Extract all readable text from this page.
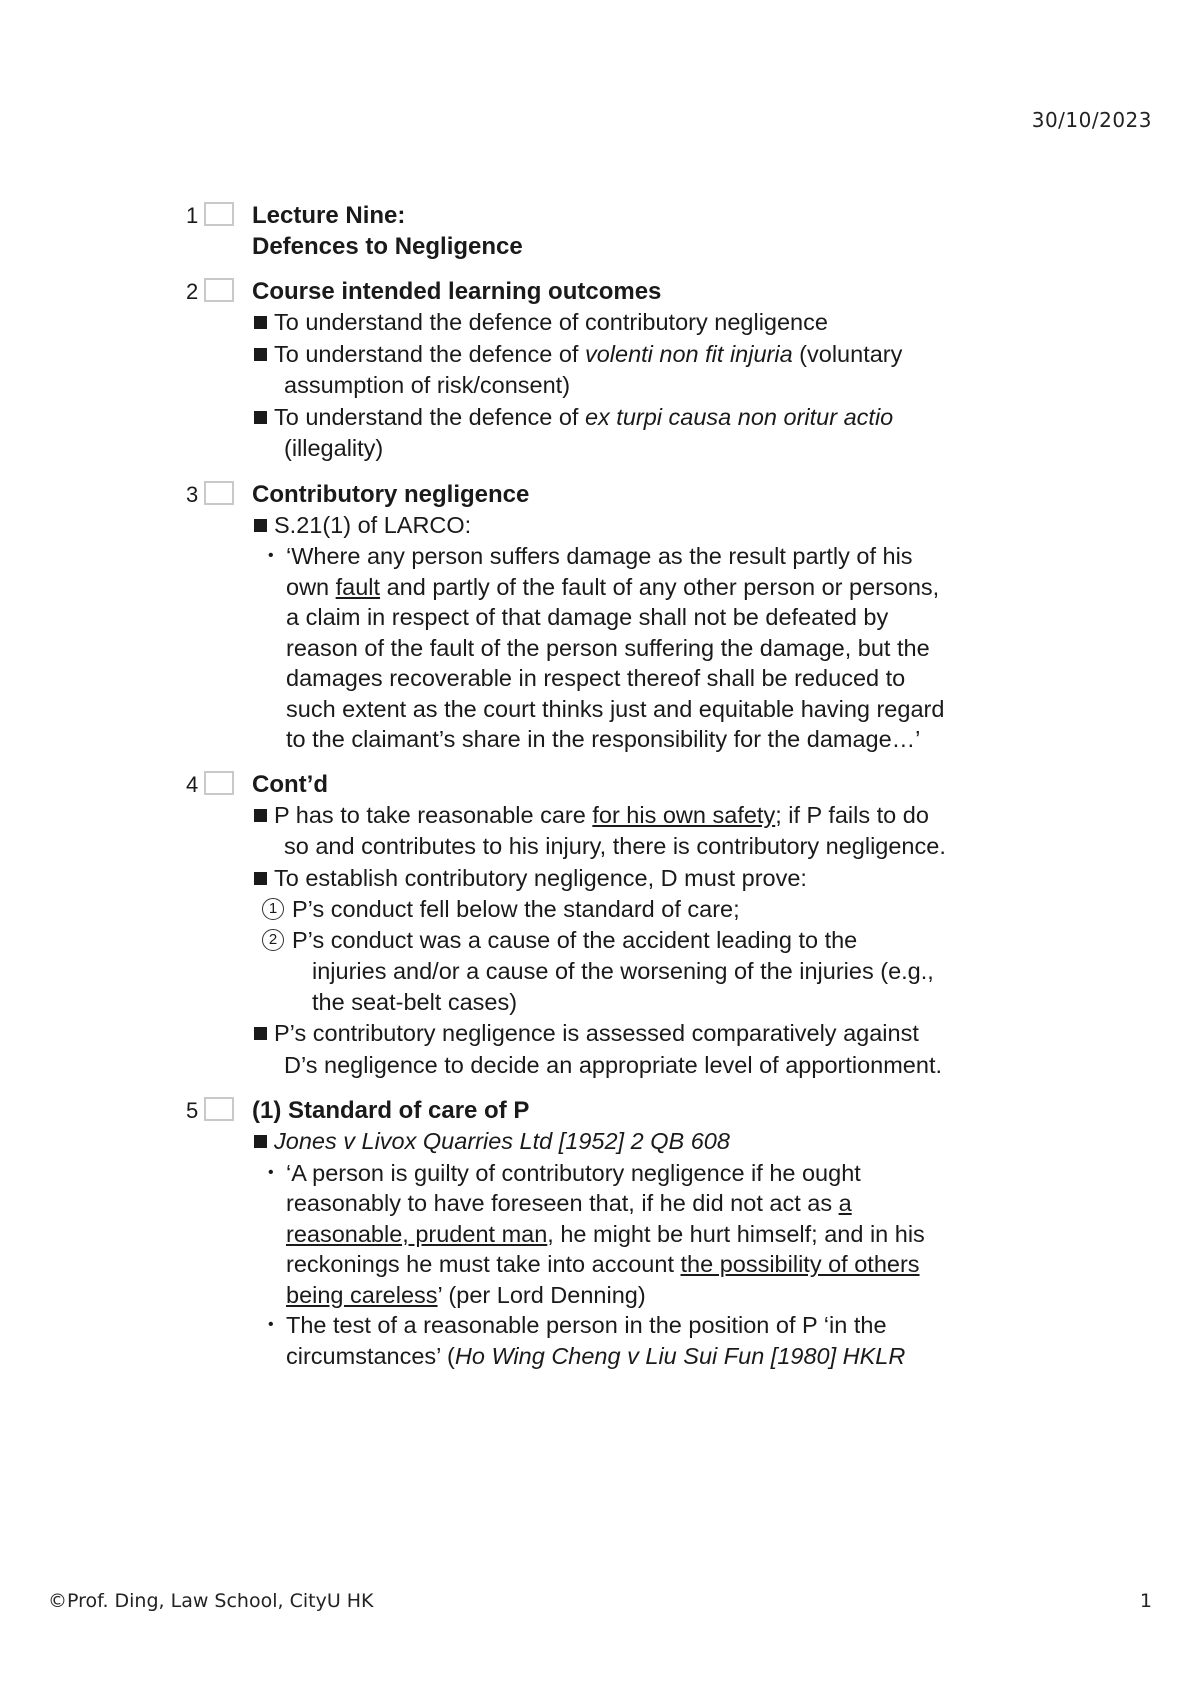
30/10/2023
1 Lecture Nine:
Defences to Negligence
2 Course intended learning outcomes
To understand the defence of contributory negligence
To understand the defence of volenti non fit injuria (voluntary
assumption of risk/consent)
To understand the defence of ex turpi causa non oritur actio
(illegality)
3 Contributory negligence
S.21(1) of LARCO:
• ‘Where any person suffers damage as the result partly of his
own fault and partly of the fault of any other person or persons,
a claim in respect of that damage shall not be defeated by
reason of the fault of the person suffering the damage, but the
damages recoverable in respect thereof shall be reduced to
such extent as the court thinks just and equitable having regard
to the claimant’s share in the responsibility for the damage…’
4 Cont’d
P has to take reasonable care for his own safety; if P fails to do
so and contributes to his injury, there is contributory negligence.
To establish contributory negligence, D must prove:
1 P’s conduct fell below the standard of care;
2 P’s conduct was a cause of the accident leading to the
injuries and/or a cause of the worsening of the injuries (e.g.,
the seat-belt cases)
P’s contributory negligence is assessed comparatively against
D’s negligence to decide an appropriate level of apportionment.
5 (1) Standard of care of P
Jones v Livox Quarries Ltd [1952] 2 QB 608
• ‘A person is guilty of contributory negligence if he ought
reasonably to have foreseen that, if he did not act as a
reasonable, prudent man, he might be hurt himself; and in his
reckonings he must take into account the possibility of others
being careless’ (per Lord Denning)
• The test of a reasonable person in the position of P ‘in the
circumstances’ (Ho Wing Cheng v Liu Sui Fun [1980] HKLR
©Prof. Ding, Law School, CityU HK	1
